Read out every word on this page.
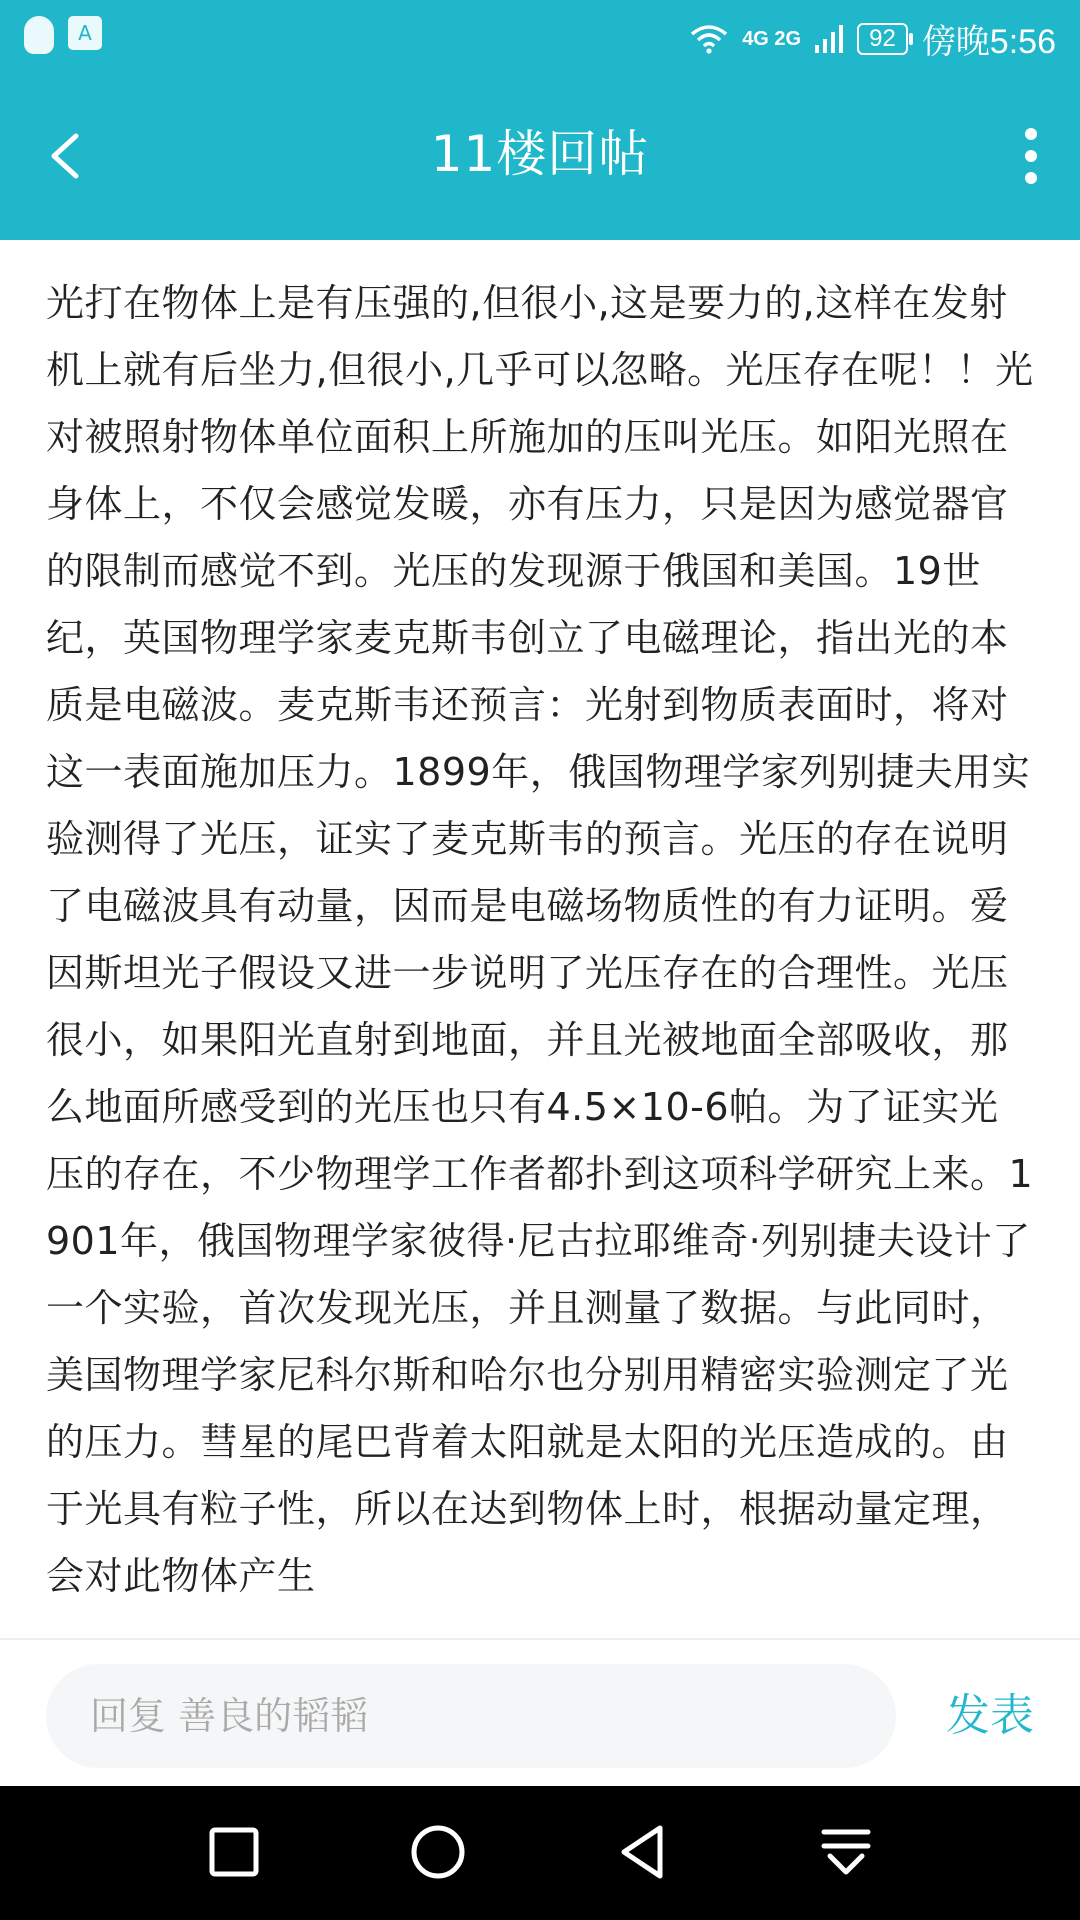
A	4G 2G	92 傍晚5:56
11楼回帖

光打在物体上是有压强的,但很小,这是要力的,这样在发射机上就有后坐力,但很小,几乎可以忽略。光压存在呢！！光对被照射物体单位面积上所施加的压叫光压。如阳光照在身体上，不仅会感觉发暖，亦有压力，只是因为感觉器官的限制而感觉不到。光压的发现源于俄国和美国。19世纪，英国物理学家麦克斯韦创立了电磁理论，指出光的本质是电磁波。麦克斯韦还预言：光射到物质表面时，将对这一表面施加压力。1899年，俄国物理学家列别捷夫用实验测得了光压，证实了麦克斯韦的预言。光压的存在说明了电磁波具有动量，因而是电磁场物质性的有力证明。爱因斯坦光子假设又进一步说明了光压存在的合理性。光压很小，如果阳光直射到地面，并且光被地面全部吸收，那么地面所感受到的光压也只有4.5×10-6帕。为了证实光压的存在，不少物理学工作者都扑到这项科学研究上来。1901年，俄国物理学家彼得·尼古拉耶维奇·列别捷夫设计了一个实验，首次发现光压，并且测量了数据。与此同时，美国物理学家尼科尔斯和哈尔也分别用精密实验测定了光的压力。彗星的尾巴背着太阳就是太阳的光压造成的。由于光具有粒子性，所以在达到物体上时，根据动量定理，会对此物体产生

回复 善良的韬韬
发表
